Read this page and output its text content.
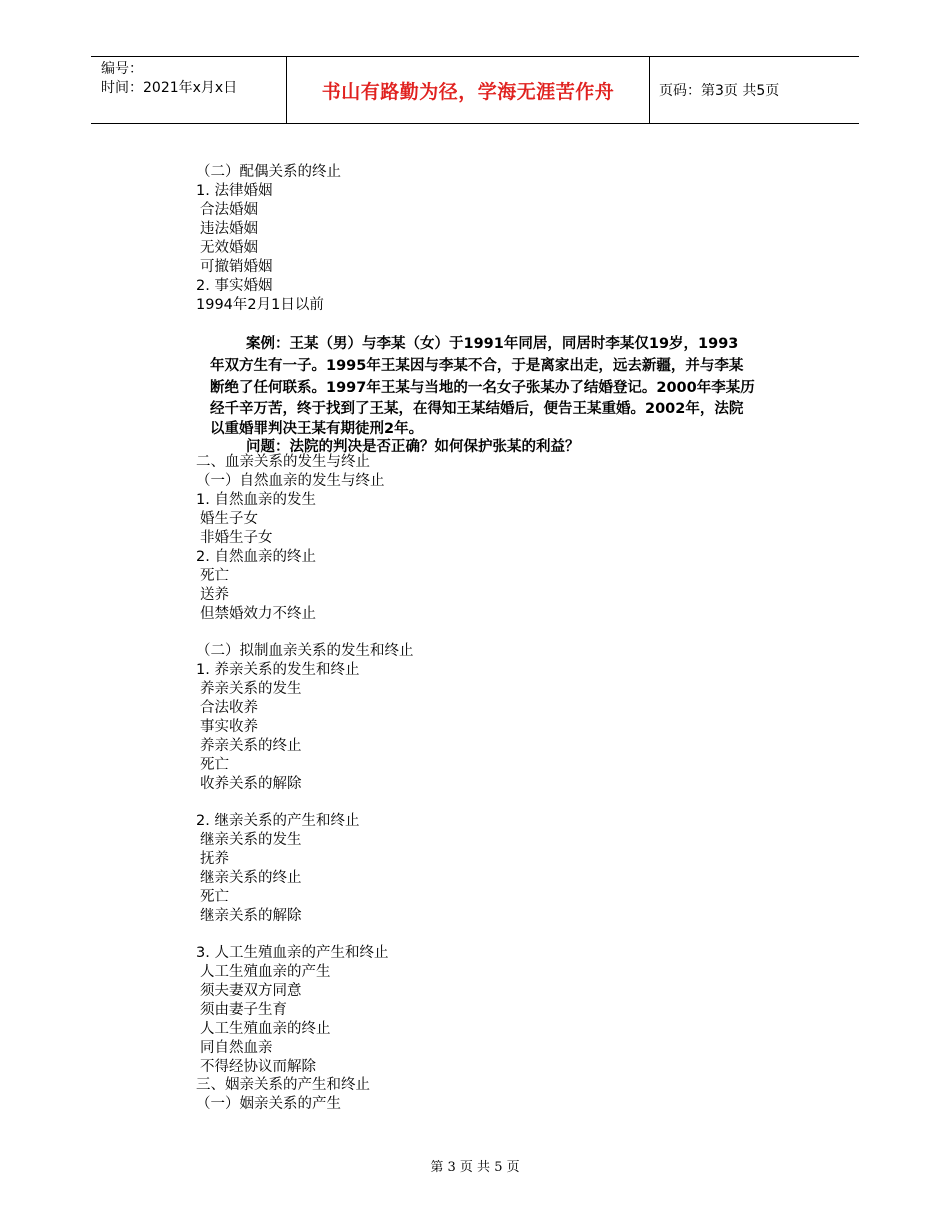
编号：
时间：2021年x月x日	书山有路勤为径，学海无涯苦作舟	页码：第3页 共5页
（二）配偶关系的终止
1. 法律婚姻
合法婚姻
违法婚姻
无效婚姻
可撤销婚姻
2. 事实婚姻
1994年2月1日以前
案例：王某（男）与李某（女）于1991年同居，同居时李某仅19岁，1993
年双方生有一子。1995年王某因与李某不合，于是离家出走，远去新疆，并与李某
断绝了任何联系。1997年王某与当地的一名女子张某办了结婚登记。2000年李某历
经千辛万苦，终于找到了王某，在得知王某结婚后，便告王某重婚。2002年，法院
以重婚罪判决王某有期徒刑2年。
问题：法院的判决是否正确？如何保护张某的利益？
二、血亲关系的发生与终止
（一）自然血亲的发生与终止
1. 自然血亲的发生
婚生子女
非婚生子女
2. 自然血亲的终止
死亡
送养
但禁婚效力不终止
（二）拟制血亲关系的发生和终止
1. 养亲关系的发生和终止
养亲关系的发生
合法收养
事实收养
养亲关系的终止
死亡
收养关系的解除
2. 继亲关系的产生和终止
继亲关系的发生
抚养
继亲关系的终止
死亡
继亲关系的解除
3. 人工生殖血亲的产生和终止
人工生殖血亲的产生
须夫妻双方同意
须由妻子生育
人工生殖血亲的终止
同自然血亲
不得经协议而解除
三、姻亲关系的产生和终止
（一）姻亲关系的产生
第 3 页 共 5 页
